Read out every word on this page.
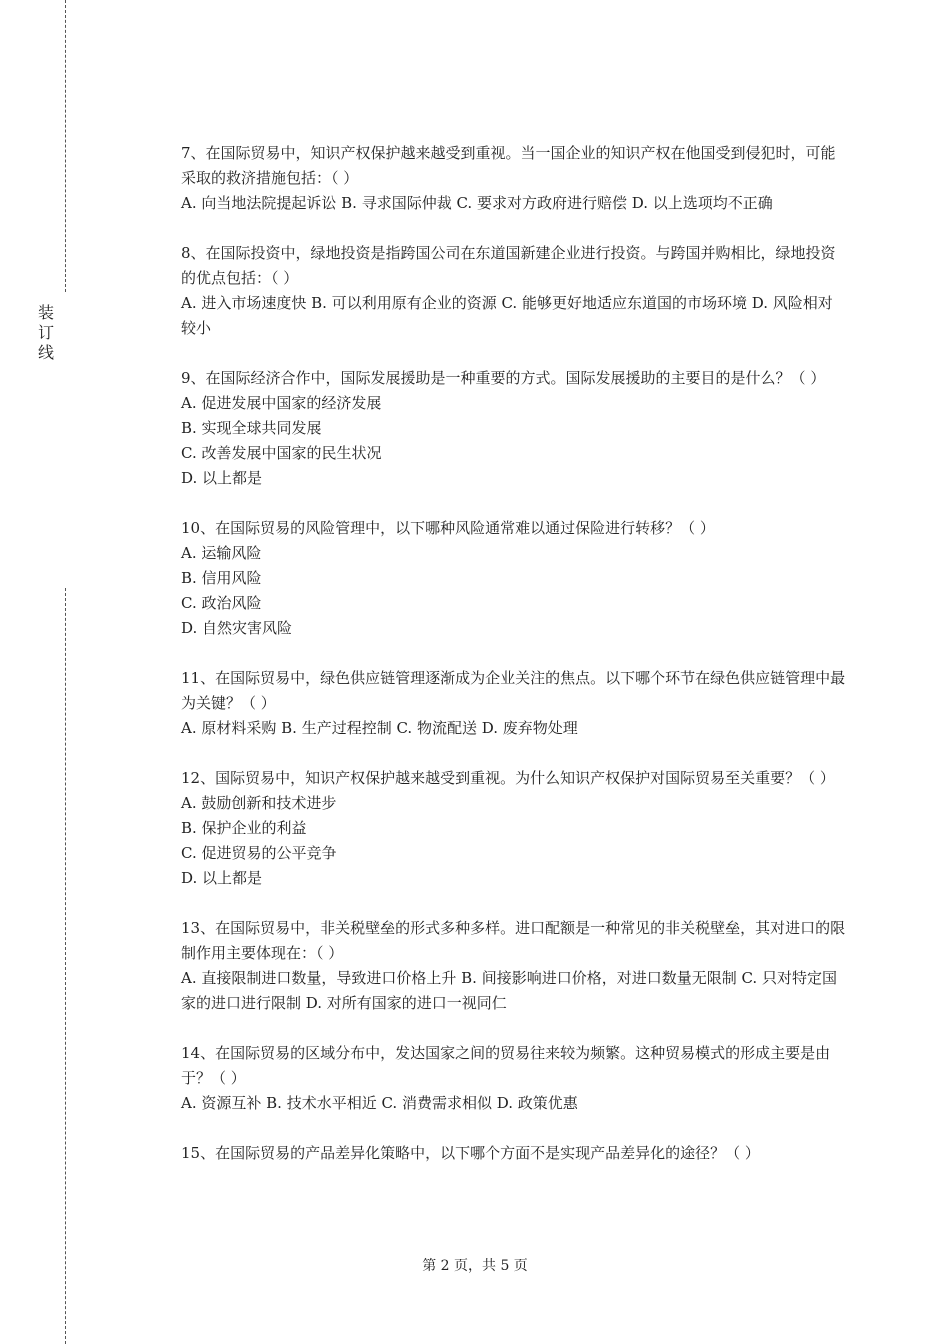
装
订
线

7、在国际贸易中，知识产权保护越来越受到重视。当一国企业的知识产权在他国受到侵犯时，可能采取的救济措施包括：（ ）

A. 向当地法院提起诉讼 B. 寻求国际仲裁 C. 要求对方政府进行赔偿 D. 以上选项均不正确

8、在国际投资中，绿地投资是指跨国公司在东道国新建企业进行投资。与跨国并购相比，绿地投资的优点包括：（ ）

A. 进入市场速度快 B. 可以利用原有企业的资源 C. 能够更好地适应东道国的市场环境 D. 风险相对较小

9、在国际经济合作中，国际发展援助是一种重要的方式。国际发展援助的主要目的是什么？（ ）

A. 促进发展中国家的经济发展

B. 实现全球共同发展

C. 改善发展中国家的民生状况

D. 以上都是

10、在国际贸易的风险管理中，以下哪种风险通常难以通过保险进行转移？（ ）

A. 运输风险

B. 信用风险

C. 政治风险

D. 自然灾害风险

11、在国际贸易中，绿色供应链管理逐渐成为企业关注的焦点。以下哪个环节在绿色供应链管理中最为关键？（ ）

A. 原材料采购 B. 生产过程控制 C. 物流配送 D. 废弃物处理

12、国际贸易中，知识产权保护越来越受到重视。为什么知识产权保护对国际贸易至关重要？（ ）

A. 鼓励创新和技术进步

B. 保护企业的利益

C. 促进贸易的公平竞争

D. 以上都是

13、在国际贸易中，非关税壁垒的形式多种多样。进口配额是一种常见的非关税壁垒，其对进口的限制作用主要体现在：（ ）

A. 直接限制进口数量，导致进口价格上升 B. 间接影响进口价格，对进口数量无限制 C. 只对特定国家的进口进行限制 D. 对所有国家的进口一视同仁

14、在国际贸易的区域分布中，发达国家之间的贸易往来较为频繁。这种贸易模式的形成主要是由于？（ ）

A. 资源互补 B. 技术水平相近 C. 消费需求相似 D. 政策优惠

15、在国际贸易的产品差异化策略中，以下哪个方面不是实现产品差异化的途径？（ ）

第 2 页，共 5 页
